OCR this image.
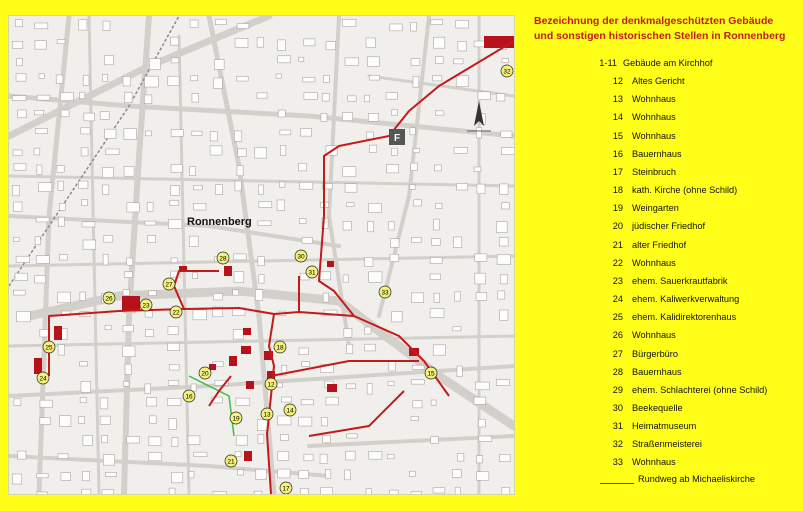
32
28	30
27
31
33
26
23
22
25
24
20
19
18
12
14
13
15
16
21
17
F
Ronnenberg
Bezeichnung der denkmalgeschützten Gebäude und sonstigen historischen Stellen in Ronnenberg
1-11 Gebäude am Kirchhof
12 Altes Gericht
13 Wohnhaus
14 Wohnhaus
15 Wohnhaus
16 Bauernhaus
17 Steinbruch
18 kath. Kirche (ohne Schild)
19 Weingarten
20 jüdischer Friedhof
21 alter Friedhof
22 Wohnhaus
23 ehem. Sauerkrautfabrik
24 ehem. Kaliwerkverwaltung
25 ehem. Kalidirektorenhaus
26 Wohnhaus
27 Bürgerbüro
28 Bauernhaus
29 ehem. Schlachterei (ohne Schild)
30 Beekequelle
31 Heimatmuseum
32 Straßenmeisterei
33 Wohnhaus
Rundweg ab Michaeliskirche
